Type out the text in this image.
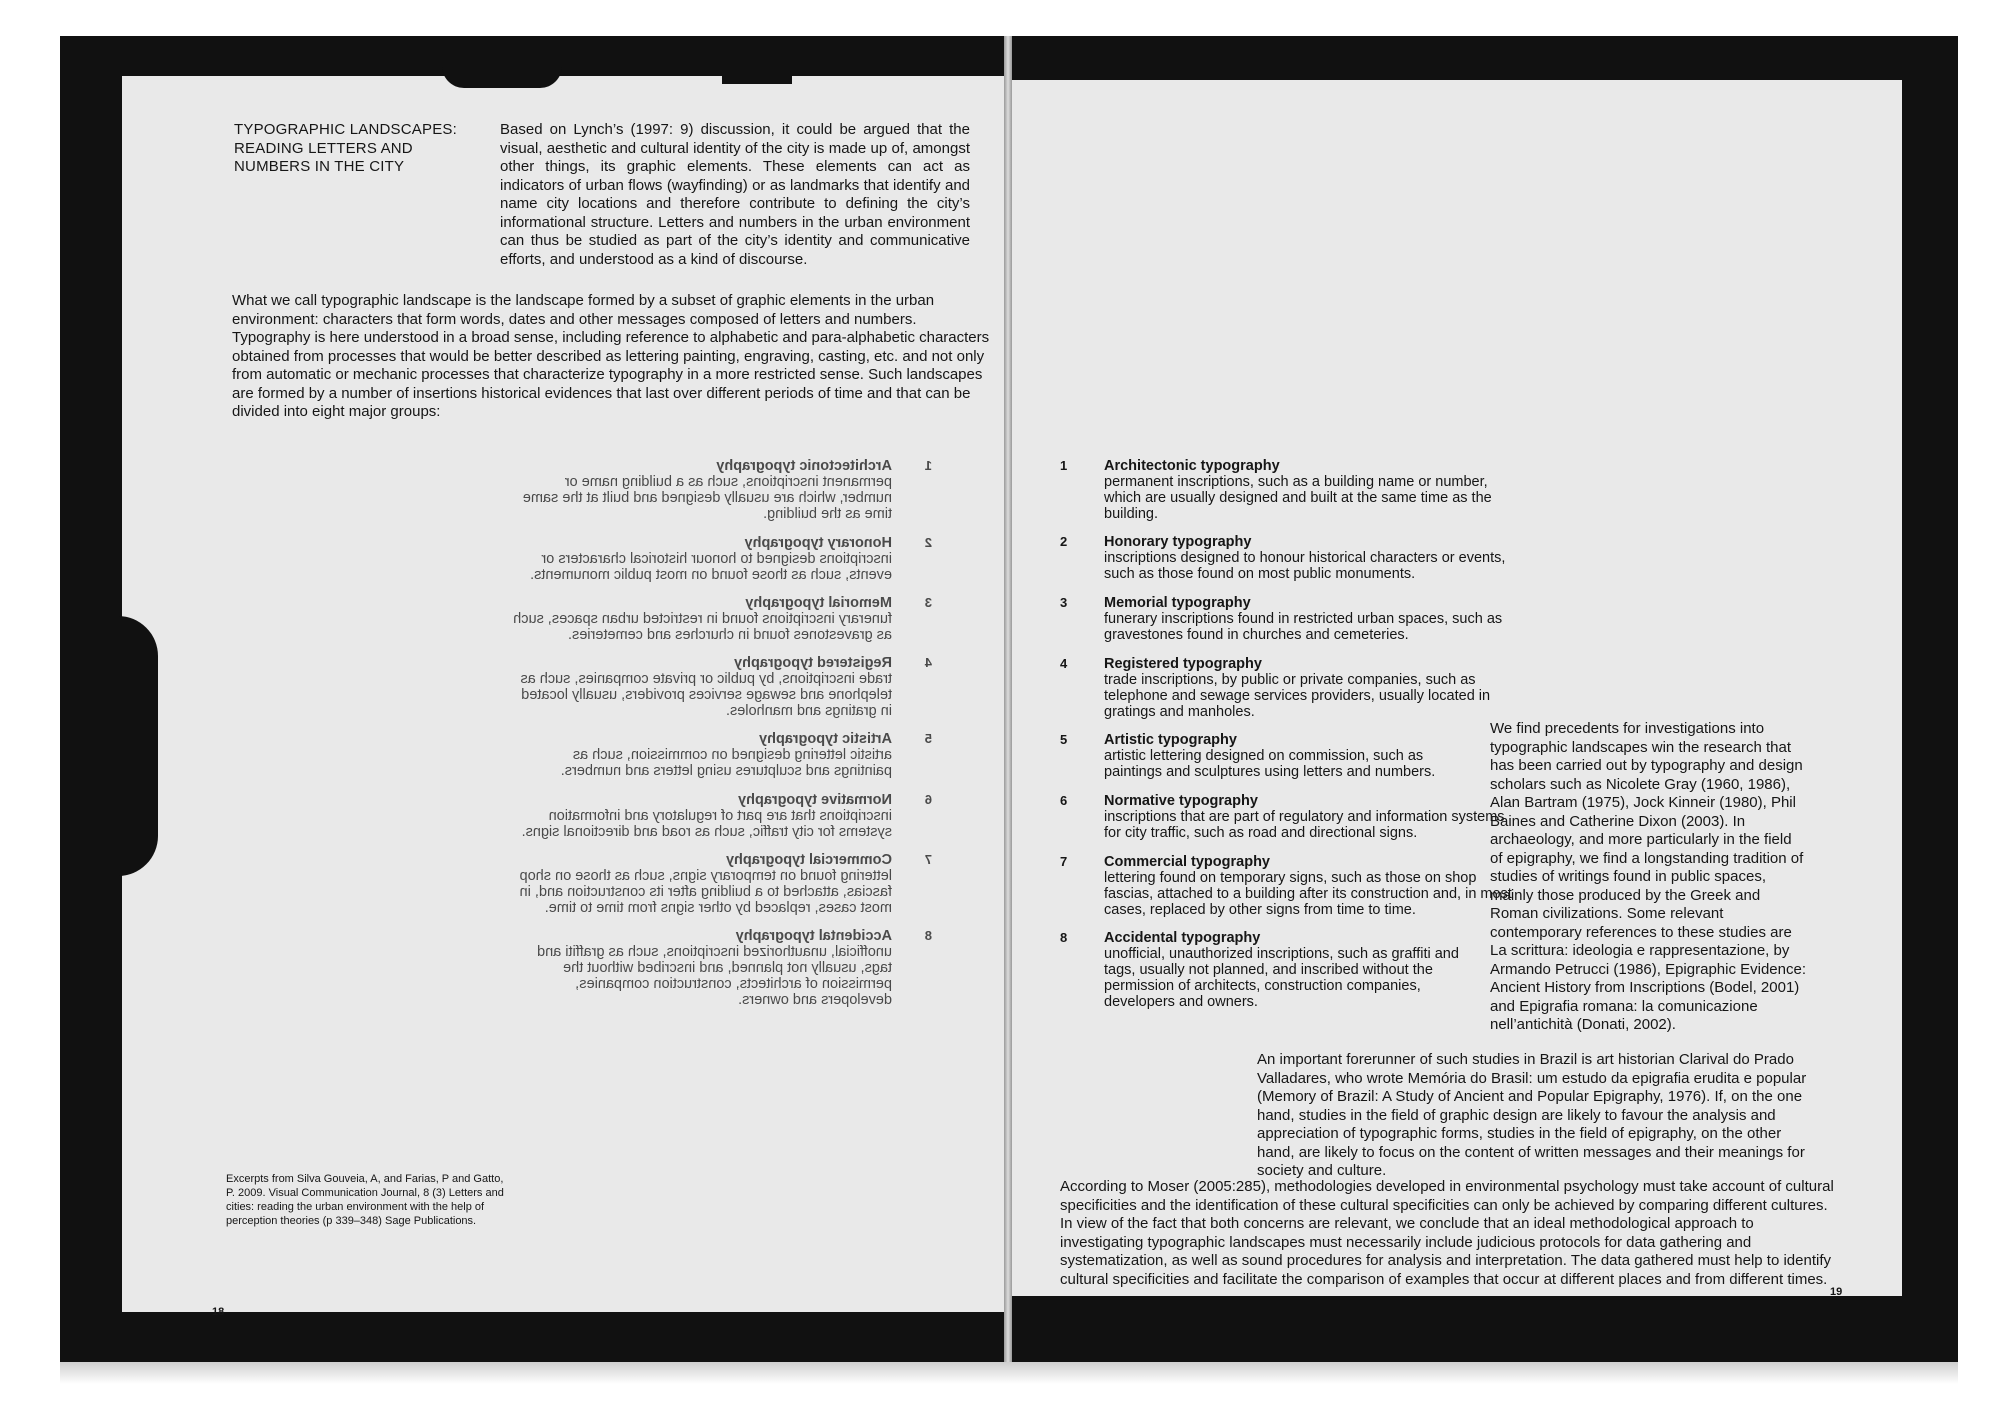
TYPOGRAPHIC LANDSCAPES:
READING LETTERS AND
NUMBERS IN THE CITY

Based on Lynch’s (1997: 9) discussion, it could be argued that the visual, aesthetic and cultural identity of the city is made up of, amongst other things, its graphic elements. These elements can act as indicators of urban flows (wayfinding) or as landmarks that identify and name city locations and therefore contribute to defining the city’s informational structure. Letters and numbers in the urban environment can thus be studied as part of the city’s identity and communicative efforts, and understood as a kind of discourse.

What we call typographic landscape is the landscape formed by a subset of graphic elements in the urban environment: characters that form words, dates and other messages composed of letters and numbers. Typography is here understood in a broad sense, including reference to alphabetic and para-alphabetic characters obtained from processes that would be better described as lettering painting, engraving, casting, etc. and not only from automatic or mechanic processes that characterize typography in a more restricted sense. Such landscapes are formed by a number of insertions historical evidences that last over different periods of time and that can be divided into eight major groups:

1
Architectonic typography
permanent inscriptions, such as a building name or number, which are usually designed and built at the same time as the building.
2
Honorary typography
inscriptions designed to honour historical characters or events, such as those found on most public monuments.
3
Memorial typography
funerary inscriptions found in restricted urban spaces, such as gravestones found in churches and cemeteries.
4
Registered typography
trade inscriptions, by public or private companies, such as telephone and sewage services providers, usually located in gratings and manholes.
5
Artistic typography
artistic lettering designed on commission, such as paintings and sculptures using letters and numbers.
6
Normative typography
inscriptions that are part of regulatory and information systems for city traffic, such as road and directional signs.
7
Commercial typography
lettering found on temporary signs, such as those on shop fascias, attached to a building after its construction and, in most cases, replaced by other signs from time to time.
8
Accidental typography
unofficial, unauthorized inscriptions, such as graffiti and tags, usually not planned, and inscribed without the permission of architects, construction companies, developers and owners.
Excerpts from Silva Gouveia, A, and Farias, P and Gatto, P. 2009. Visual Communication Journal, 8 (3) Letters and cities: reading the urban environment with the help of perception theories (p 339–348) Sage Publications.
18
1	Architectonic typography
permanent inscriptions, such as a building name or number, which are usually designed and built at the same time as the building.
2	Honorary typography
inscriptions designed to honour historical characters or events, such as those found on most public monuments.
3	Memorial typography
funerary inscriptions found in restricted urban spaces, such as gravestones found in churches and cemeteries.
4	Registered typography
trade inscriptions, by public or private companies, such as telephone and sewage services providers, usually located in gratings and manholes.
5	Artistic typography
artistic lettering designed on commission, such as paintings and sculptures using letters and numbers.
6	Normative typography
inscriptions that are part of regulatory and information systems for city traffic, such as road and directional signs.
7	Commercial typography
lettering found on temporary signs, such as those on shop fascias, attached to a building after its construction and, in most cases, replaced by other signs from time to time.
8	Accidental typography
unofficial, unauthorized inscriptions, such as graffiti and tags, usually not planned, and inscribed without the permission of architects, construction companies, developers and owners.

We find precedents for investigations into typographic landscapes win the research that has been carried out by typography and design scholars such as Nicolete Gray (1960, 1986), Alan Bartram (1975), Jock Kinneir (1980), Phil Baines and Catherine Dixon (2003). In archaeology, and more particularly in the field of epigraphy, we find a longstanding tradition of studies of writings found in public spaces, mainly those produced by the Greek and Roman civilizations. Some relevant contemporary references to these studies are La scrittura: ideologia e rappresentazione, by Armando Petrucci (1986), Epigraphic Evidence: Ancient History from Inscriptions (Bodel, 2001) and Epigrafia romana: la comunicazione nell’antichità (Donati, 2002).

An important forerunner of such studies in Brazil is art historian Clarival do Prado Valladares, who wrote Memória do Brasil: um estudo da epigrafia erudita e popular (Memory of Brazil: A Study of Ancient and Popular Epigraphy, 1976). If, on the one hand, studies in the field of graphic design are likely to favour the analysis and appreciation of typographic forms, studies in the field of epigraphy, on the other hand, are likely to focus on the content of written messages and their meanings for society and culture.

According to Moser (2005:285), methodologies developed in environmental psychology must take account of cultural specificities and the identification of these cultural specificities can only be achieved by comparing different cultures. In view of the fact that both concerns are relevant, we conclude that an ideal methodological approach to investigating typographic landscapes must necessarily include judicious protocols for data gathering and systematization, as well as sound procedures for analysis and interpretation. The data gathered must help to identify cultural specificities and facilitate the comparison of examples that occur at different places and from different times.

19
